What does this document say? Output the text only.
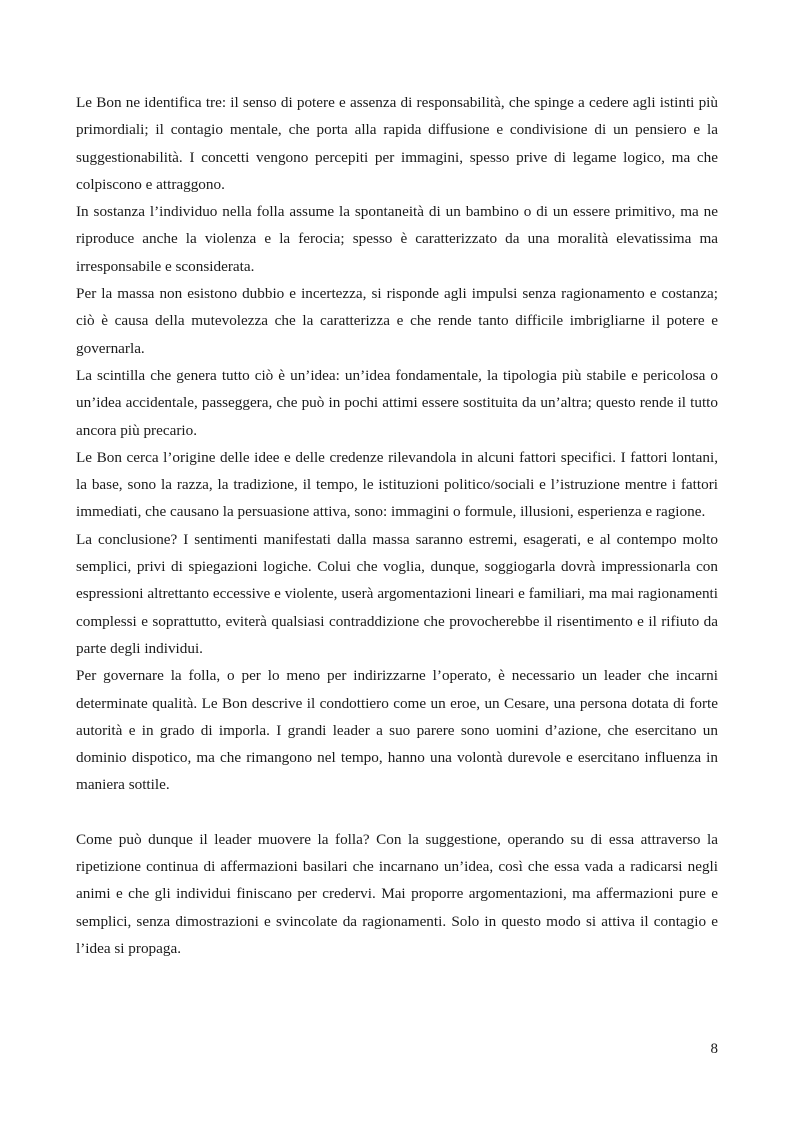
Le Bon ne identifica tre: il senso di potere e assenza di responsabilità, che spinge a cedere agli istinti più primordiali; il contagio mentale, che porta alla rapida diffusione e condivisione di un pensiero e la suggestionabilità. I concetti vengono percepiti per immagini, spesso prive di legame logico, ma che colpiscono e attraggono.

In sostanza l’individuo nella folla assume la spontaneità di un bambino o di un essere primitivo, ma ne riproduce anche la violenza e la ferocia; spesso è caratterizzato da una moralità elevatissima ma irresponsabile e sconsiderata.

Per la massa non esistono dubbio e incertezza, si risponde agli impulsi senza ragionamento e costanza; ciò è causa della mutevolezza che la caratterizza e che rende tanto difficile imbrigliarne il potere e governarla.

La scintilla che genera tutto ciò è un’idea: un’idea fondamentale, la tipologia più stabile e pericolosa o un’idea accidentale, passeggera, che può in pochi attimi essere sostituita da un’altra; questo rende il tutto ancora più precario.

Le Bon cerca l’origine delle idee e delle credenze rilevandola in alcuni fattori specifici. I fattori lontani, la base, sono la razza, la tradizione, il tempo, le istituzioni politico/sociali e l’istruzione mentre i fattori immediati, che causano la persuasione attiva, sono: immagini o formule, illusioni, esperienza e ragione.

La conclusione? I sentimenti manifestati dalla massa saranno estremi, esagerati, e al contempo molto semplici, privi di spiegazioni logiche. Colui che voglia, dunque, soggiogarla dovrà impressionarla con espressioni altrettanto eccessive e violente, userà argomentazioni lineari e familiari, ma mai ragionamenti complessi e soprattutto, eviterà qualsiasi contraddizione che provocherebbe il risentimento e il rifiuto da parte degli individui.

Per governare la folla, o per lo meno per indirizzarne l’operato, è necessario un leader che incarni determinate qualità. Le Bon descrive il condottiero come un eroe, un Cesare, una persona dotata di forte autorità e in grado di imporla. I grandi leader a suo parere sono uomini d’azione, che esercitano un dominio dispotico, ma che rimangono nel tempo, hanno una volontà durevole e esercitano influenza in maniera sottile.

Come può dunque il leader muovere la folla? Con la suggestione, operando su di essa attraverso la ripetizione continua di affermazioni basilari che incarnano un’idea, così che essa vada a radicarsi negli animi e che gli individui finiscano per credervi. Mai proporre argomentazioni, ma affermazioni pure e semplici, senza dimostrazioni e svincolate da ragionamenti. Solo in questo modo si attiva il contagio e l’idea si propaga.

8
